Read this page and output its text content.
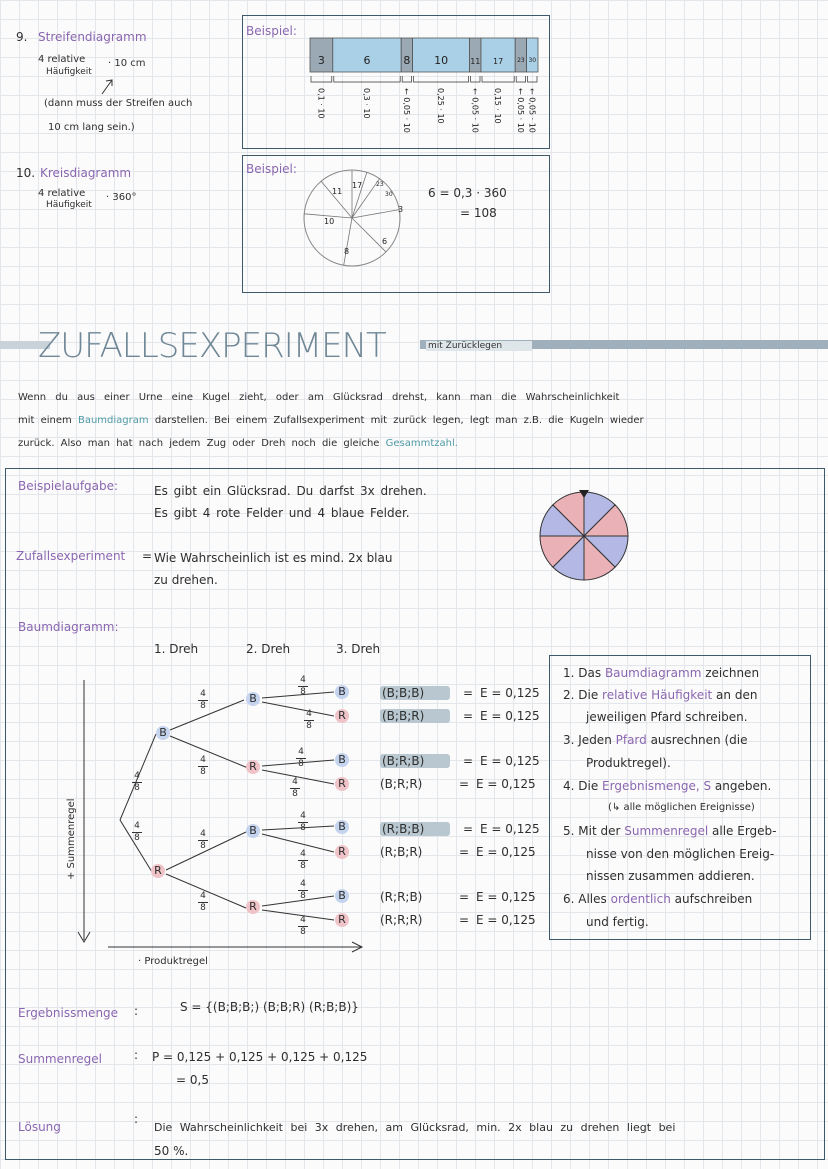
9. Streifendiagramm
4 relative
Häufigkeit
· 10 cm
(dann muss der Streifen auch
10 cm lang sein.)
Beispiel:
3
0,1 · 10
6
0,3 · 10
8
← 0,05 · 10
10
0,25 · 10
11
← 0,05 · 10
17
0,15 · 10
23
← 0,05 · 10
30
← 0,05 · 10
10. Kreisdiagramm
4 relative
Häufigkeit
· 360°
Beispiel:
3
6
8
10
11
17 23
30	6 = 0,3 · 360
= 108
ZUFALLSEXPERIMENT	mit Zurücklegen
Wenn du aus einer Urne eine Kugel zieht, oder am Glücksrad drehst, kann man die Wahrscheinlichkeit
mit einem Baumdiagram darstellen. Bei einem Zufallsexperiment mit zurück legen, legt man z.B. die Kugeln wieder
zurück. Also man hat nach jedem Zug oder Dreh noch die gleiche Gesammtzahl.
Beispielaufgabe:	Es gibt ein Glücksrad. Du darfst 3x drehen.
Es gibt 4 rote Felder und 4 blaue Felder.
Zufallsexperiment = Wie Wahrscheinlich ist es mind. 2x blau
zu drehen.
Baumdiagramm:
1. Dreh	2. Dreh	3. Dreh
+ Summenregel
· Produktregel
B
R
B
R
B
R
B
R
B
R
B
R
B
R
4
8
4
8
4
8
4
8
4
8
4
8
4
8
4
8
4
8
4
8
4
8
4
8
4
8
4
8
(B;B;B)	= E = 0,125
(B;B;R)	= E = 0,125
(B;R;B)	= E = 0,125
(B;R;R)	= E = 0,125
(R;B;B)	= E = 0,125
(R;B;R)	= E = 0,125
(R;R;B)	= E = 0,125
(R;R;R)	= E = 0,125
1. Das Baumdiagramm zeichnen
2. Die relative Häufigkeit an den
jeweiligen Pfard schreiben.
3. Jeden Pfard ausrechnen (die
Produktregel).
4. Die Ergebnismenge, S angeben.
(↳ alle möglichen Ereignisse)
5. Mit der Summenregel alle Ergeb-
nisse von den möglichen Ereig-
nissen zusammen addieren.
6. Alles ordentlich aufschreiben
und fertig.
Ergebnissmenge :	S = {(B;B;B;) (B;B;R) (R;B;B)}
Summenregel	: P = 0,125 + 0,125 + 0,125 + 0,125
= 0,5
Lösung
:
Die Wahrscheinlichkeit bei 3x drehen, am Glücksrad, min. 2x blau zu drehen liegt bei
50 %.
